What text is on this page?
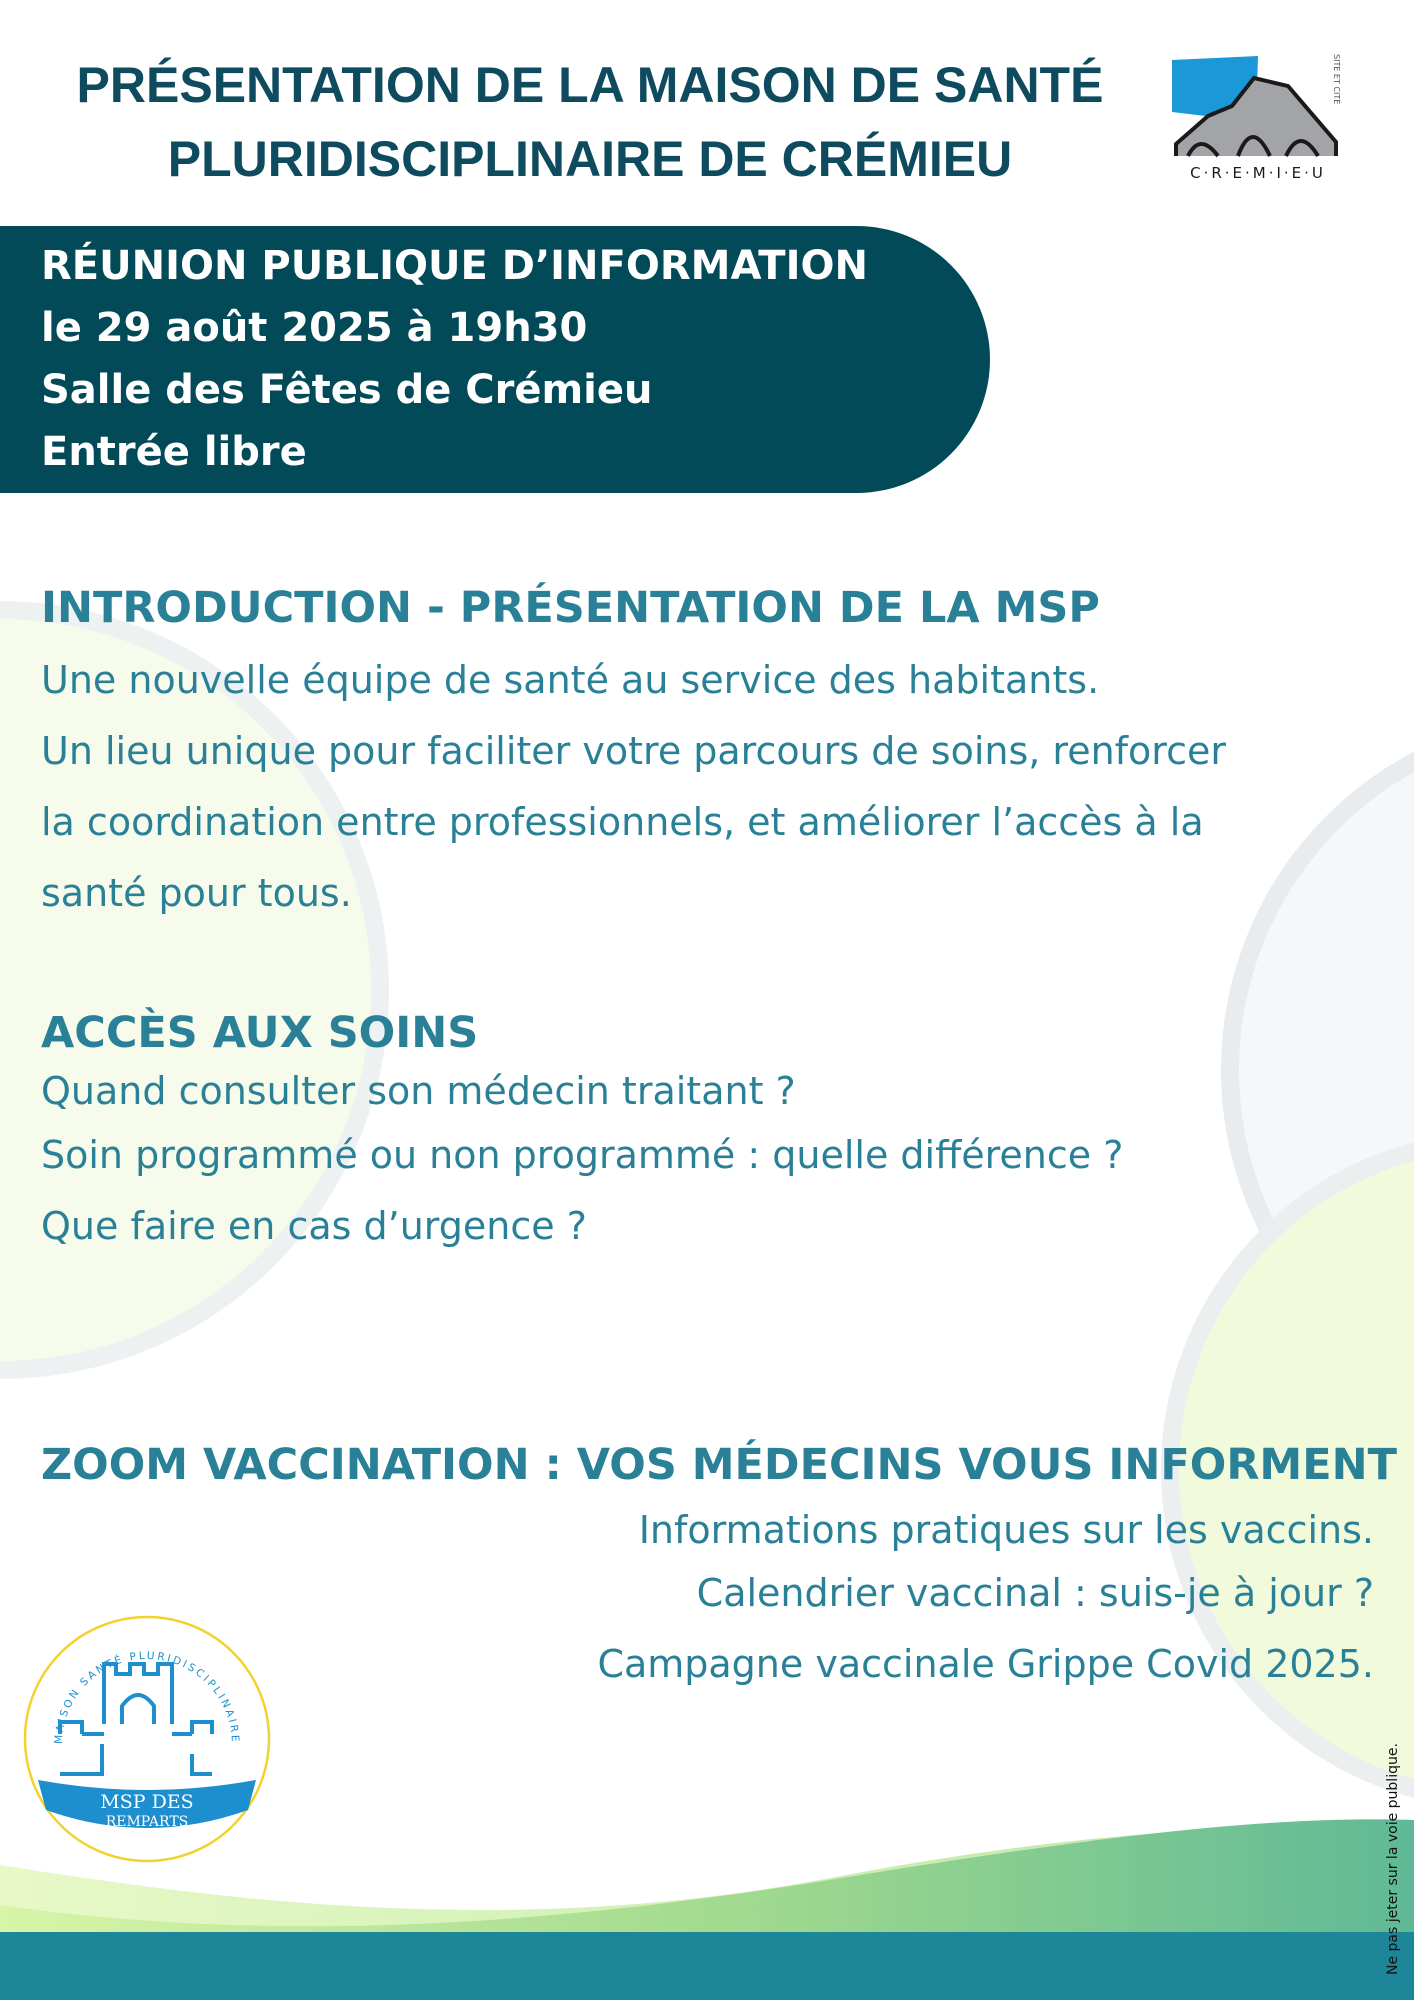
PRÉSENTATION DE LA MAISON DE SANTÉ
PLURIDISCIPLINAIRE DE CRÉMIEU	C·R·E·M·I·E·U
SITE ET CITÉ

RÉUNION PUBLIQUE D’INFORMATION

le 29 août 2025 à 19h30

Salle des Fêtes de Crémieu

Entrée libre

INTRODUCTION - PRÉSENTATION DE LA MSP

Une nouvelle équipe de santé au service des habitants.

Un lieu unique pour faciliter votre parcours de soins, renforcer

la coordination entre professionnels, et améliorer l’accès à la

santé pour tous.

ACCÈS AUX SOINS

Quand consulter son médecin traitant ?

Soin programmé ou non programmé : quelle différence ?

Que faire en cas d’urgence ?

ZOOM VACCINATION : VOS MÉDECINS VOUS INFORMENT

Informations pratiques sur les vaccins.

Calendrier vaccinal : suis-je à jour ?

Campagne vaccinale Grippe Covid 2025.

MAISON SANTÉ PLURIDISCIPLINAIRE
MSP DES
REMPARTS	Ne pas jeter sur la voie publique.
